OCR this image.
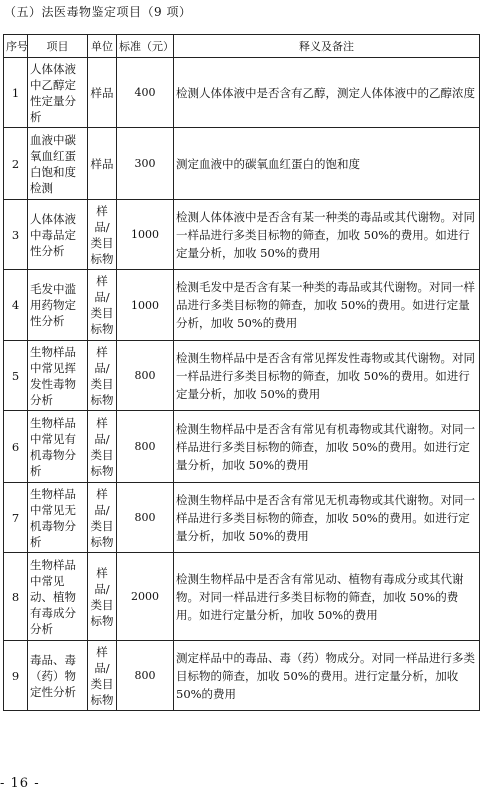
（五）法医毒物鉴定项目（9 项）
序号	项目	单位	标准（元）	释义及备注
1	人体体液中乙醇定性定量分析	样品	400	检测人体体液中是否含有乙醇，测定人体体液中的乙醇浓度
2	血液中碳氧血红蛋白饱和度检测	样品	300	测定血液中的碳氧血红蛋白的饱和度
3	人体体液中毒品定性分析	样品/类目标物	1000	检测人体体液中是否含有某一种类的毒品或其代谢物。对同一样品进行多类目标物的筛查，加收 50%的费用。如进行定量分析，加收 50%的费用
4	毛发中滥用药物定性分析	样品/类目标物	1000	检测毛发中是否含有某一种类的毒品或其代谢物。对同一样品进行多类目标物的筛查，加收 50%的费用。如进行定量分析，加收 50%的费用
5	生物样品中常见挥发性毒物分析	样品/类目标物	800	检测生物样品中是否含有常见挥发性毒物或其代谢物。对同一样品进行多类目标物的筛查，加收 50%的费用。如进行定量分析，加收 50%的费用
6	生物样品中常见有机毒物分析	样品/类目标物	800	检测生物样品中是否含有常见有机毒物或其代谢物。对同一样品进行多类目标物的筛查，加收 50%的费用。如进行定量分析，加收 50%的费用
7	生物样品中常见无机毒物分析	样品/类目标物	800	检测生物样品中是否含有常见无机毒物或其代谢物。对同一样品进行多类目标物的筛查，加收 50%的费用。如进行定量分析，加收 50%的费用
8	生物样品中常见动、植物有毒成分分析	样品/类目标物	2000	检测生物样品中是否含有常见动、植物有毒成分或其代谢物。对同一样品进行多类目标物的筛查，加收 50%的费用。如进行定量分析，加收 50%的费用
9	毒品、毒（药）物定性分析	样品/类目标物	800	测定样品中的毒品、毒（药）物成分。对同一样品进行多类目标物的筛查，加收 50%的费用。进行定量分析，加收 50%的费用
- 16 -
